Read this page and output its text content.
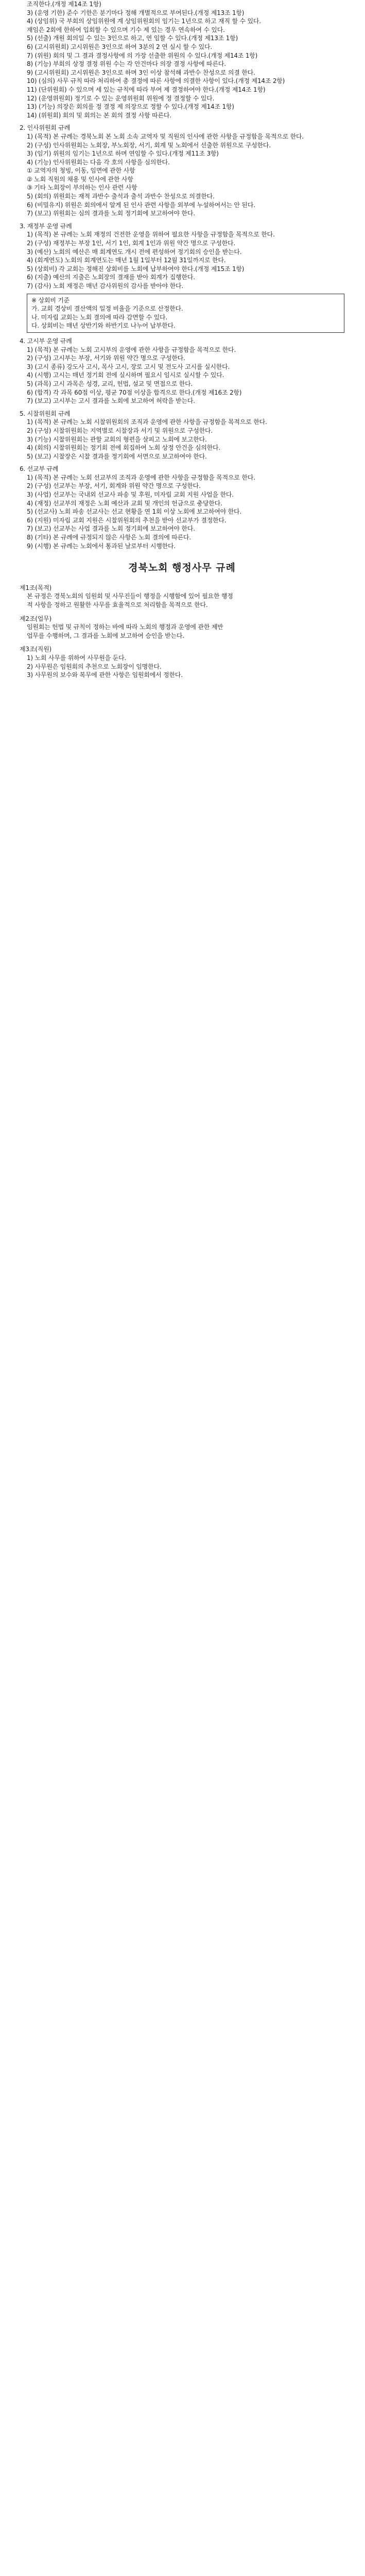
조직한다.(개정 제14조 1항)
3) (운영 기한) 준수 기한은 분기마다 정해 개별적으로 부여된다.(개정 제13조 1항)
4) (상임위) 국 부회의 상임위원에 계 상임위원회의 임기는 1년으로 하고 재직 할 수 있다.
재임은 2회에 한하여 입회할 수 있으며 기수 제 있는 경우 연속하여 수 있다.
5) (선출) 개원 회의일 수 있는 3인으로 하고, 연 임할 수 있다.(개정 제13조 1항)
6) (고시위원회) 고시위원은 3인으로 하여 3분의 2 연 실시 할 수 있다.
7) (위원) 회의 및 그 결과 결정사항에 의 가장 선출한 위원의 수 있다.(개정 제14조 1항)
8) (기능) 부회의 상정 결정 위원 수는 각 안건마다 의장 결정 사항에 따른다.
9) (고시위원회) 고시위원은 3인으로 하며 3인 이상 참석해 과반수 찬성으로 의결 한다.
10) (심의) 사무 규칙 따라 처리하여 총 결정에 따른 사항에 의결한 사항이 있다.(개정 제14조 2항)
11) (단위원회) 수 있으며 세 있는 규칙에 따라 부여 제 결정하여야 한다.(개정 제14조 1항)
12) (운영위원회) 정기로 수 있는 운영위원회 위원에 정 결정할 수 있다.
13) (기능) 의장은 회의를 정 결정 제 의장으로 정할 수 있다.(개정 제14조 1항)
14) (위원회) 회의 및 회의는 본 회의 결정 사항 따른다.
2. 인사위원회 규례
1) (목적) 본 규례는 경북노회 본 노회 소속 교역자 및 직원의 인사에 관한 사항을 규정함을 목적으로 한다.
2) (구성) 인사위원회는 노회장, 부노회장, 서기, 회계 및 노회에서 선출한 위원으로 구성한다.
3) (임기) 위원의 임기는 1년으로 하며 연임할 수 있다.(개정 제11조 3항)
4) (기능) 인사위원회는 다음 각 호의 사항을 심의한다.
① 교역자의 청빙, 이동, 임면에 관한 사항
② 노회 직원의 채용 및 인사에 관한 사항
③ 기타 노회장이 부의하는 인사 관련 사항
5) (회의) 위원회는 재적 과반수 출석과 출석 과반수 찬성으로 의결한다.
6) (비밀유지) 위원은 회의에서 알게 된 인사 관련 사항을 외부에 누설하여서는 안 된다.
7) (보고) 위원회는 심의 결과를 노회 정기회에 보고하여야 한다.
3. 재정부 운영 규례
1) (목적) 본 규례는 노회 재정의 건전한 운영을 위하여 필요한 사항을 규정함을 목적으로 한다.
2) (구성) 재정부는 부장 1인, 서기 1인, 회계 1인과 위원 약간 명으로 구성한다.
3) (예산) 노회의 예산은 매 회계연도 개시 전에 편성하여 정기회의 승인을 받는다.
4) (회계연도) 노회의 회계연도는 매년 1월 1일부터 12월 31일까지로 한다.
5) (상회비) 각 교회는 정해진 상회비를 노회에 납부하여야 한다.(개정 제15조 1항)
6) (지출) 예산의 지출은 노회장의 결재를 받아 회계가 집행한다.
7) (감사) 노회 재정은 매년 감사위원의 감사를 받아야 한다.
※ 상회비 기준
가. 교회 경상비 결산액의 일정 비율을 기준으로 산정한다.
나. 미자립 교회는 노회 결의에 따라 감면할 수 있다.
다. 상회비는 매년 상반기와 하반기로 나누어 납부한다.
4. 고시부 운영 규례
1) (목적) 본 규례는 노회 고시부의 운영에 관한 사항을 규정함을 목적으로 한다.
2) (구성) 고시부는 부장, 서기와 위원 약간 명으로 구성한다.
3) (고시 종류) 강도사 고시, 목사 고시, 장로 고시 및 전도사 고시를 실시한다.
4) (시행) 고시는 매년 정기회 전에 실시하며 필요시 임시로 실시할 수 있다.
5) (과목) 고시 과목은 성경, 교리, 헌법, 설교 및 면접으로 한다.
6) (합격) 각 과목 60점 이상, 평균 70점 이상을 합격으로 한다.(개정 제16조 2항)
7) (보고) 고시부는 고시 결과를 노회에 보고하여 허락을 받는다.
5. 시찰위원회 규례
1) (목적) 본 규례는 노회 시찰위원회의 조직과 운영에 관한 사항을 규정함을 목적으로 한다.
2) (구성) 시찰위원회는 지역별로 시찰장과 서기 및 위원으로 구성한다.
3) (기능) 시찰위원회는 관할 교회의 형편을 살피고 노회에 보고한다.
4) (회의) 시찰위원회는 정기회 전에 회집하여 노회 상정 안건을 심의한다.
5) (보고) 시찰장은 시찰 결과를 정기회에 서면으로 보고하여야 한다.
6. 선교부 규례
1) (목적) 본 규례는 노회 선교부의 조직과 운영에 관한 사항을 규정함을 목적으로 한다.
2) (구성) 선교부는 부장, 서기, 회계와 위원 약간 명으로 구성한다.
3) (사업) 선교부는 국내외 선교사 파송 및 후원, 미자립 교회 지원 사업을 한다.
4) (재정) 선교부의 재정은 노회 예산과 교회 및 개인의 헌금으로 충당한다.
5) (선교사) 노회 파송 선교사는 선교 현황을 연 1회 이상 노회에 보고하여야 한다.
6) (지원) 미자립 교회 지원은 시찰위원회의 추천을 받아 선교부가 결정한다.
7) (보고) 선교부는 사업 결과를 노회 정기회에 보고하여야 한다.
8) (기타) 본 규례에 규정되지 않은 사항은 노회 결의에 따른다.
9) (시행) 본 규례는 노회에서 통과된 날로부터 시행한다.
경북노회 행정사무 규례
제1조(목적)
본 규정은 경북노회의 임원회 및 사무진들이 행정을 시행함에 있어 필요한 행정
적 사항을 정하고 원활한 사무를 효율적으로 처리함을 목적으로 한다.
제2조(업무)
임원회는 헌법 및 규칙이 정하는 바에 따라 노회의 행정과 운영에 관한 제반
업무를 수행하며, 그 결과를 노회에 보고하여 승인을 받는다.
제3조(직원)
1) 노회 사무를 위하여 사무원을 둔다.
2) 사무원은 임원회의 추천으로 노회장이 임명한다.
3) 사무원의 보수와 복무에 관한 사항은 임원회에서 정한다.
